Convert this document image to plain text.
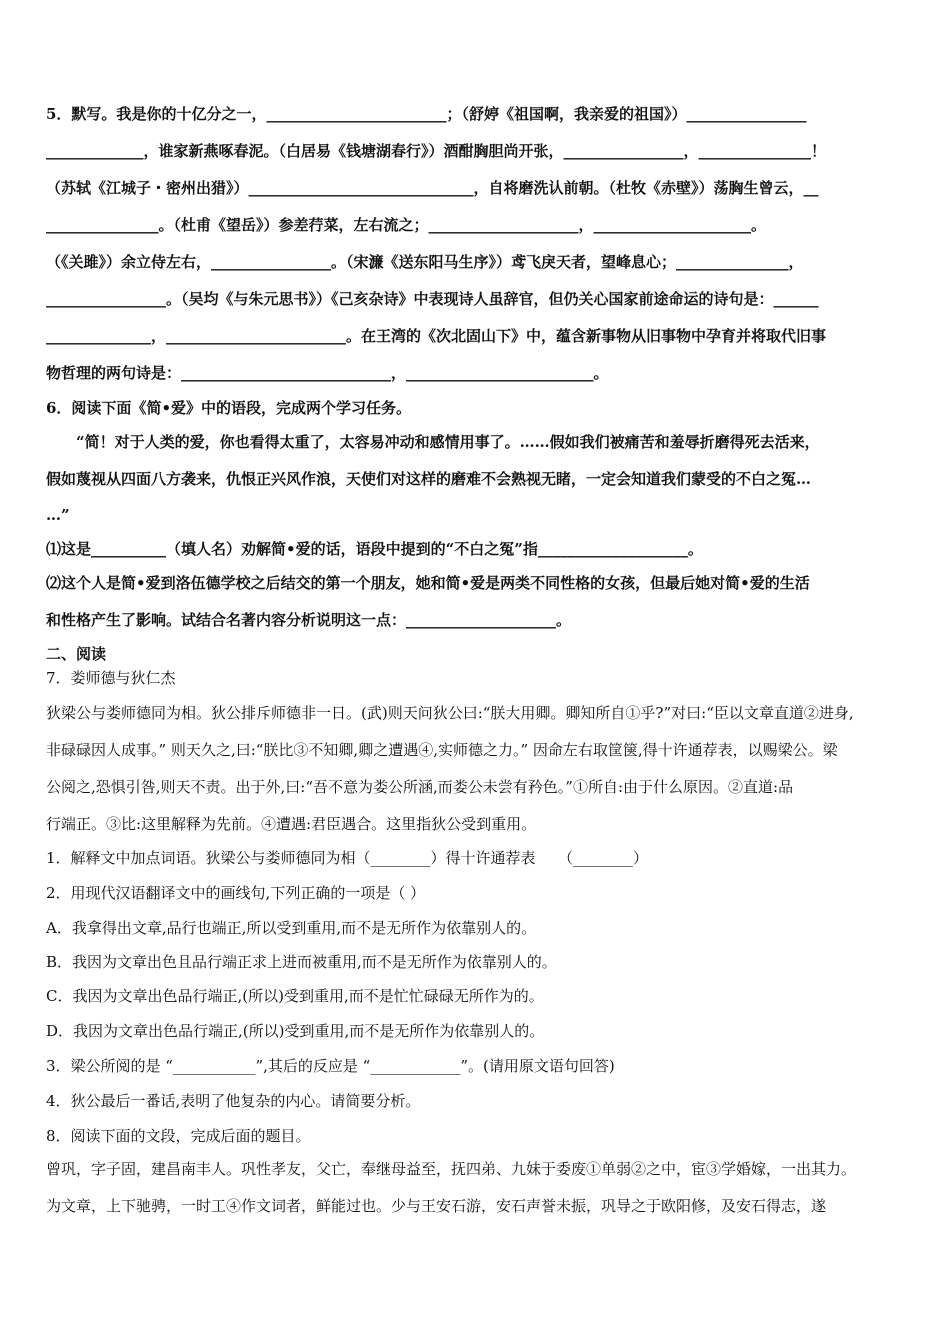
5．默写。我是你的十亿分之一，________________________；（舒婷《祖国啊，我亲爱的祖国》）________________
_____________，谁家新燕啄春泥。（白居易《钱塘湖春行》）酒酣胸胆尚开张，________________，_______________！
（苏轼《江城子・密州出猎》）______________________________，自将磨洗认前朝。（杜牧《赤壁》）荡胸生曾云，__
_______________。（杜甫《望岳》）参差荇菜，左右流之；____________________，_____________________。
（《关雎》）余立侍左右，________________。（宋濂《送东阳马生序》）鸢飞戾天者，望峰息心；_______________，
________________。（吴均《与朱元思书》）《己亥杂诗》中表现诗人虽辞官，但仍关心国家前途命运的诗句是：______
______________，________________________。在王湾的《次北固山下》中，蕴含新事物从旧事物中孕育并将取代旧事
物哲理的两句诗是：____________________________，_________________________。
6．阅读下面《简•爱》中的语段，完成两个学习任务。
“简！对于人类的爱，你也看得太重了，太容易冲动和感情用事了。……假如我们被痛苦和羞辱折磨得死去活来，
假如蔑视从四面八方袭来，仇恨正兴风作浪，天使们对这样的磨难不会熟视无睹，一定会知道我们蒙受的不白之冤…
…”
⑴这是__________（填人名）劝解简•爱的话，语段中提到的“不白之冤”指____________________。
⑵这个人是简•爱到洛伍德学校之后结交的第一个朋友，她和简•爱是两类不同性格的女孩，但最后她对简•爱的生活
和性格产生了影响。试结合名著内容分析说明这一点：____________________。
二、阅读
7．娄师德与狄仁杰
狄梁公与娄师德同为相。狄公排斥师德非一日。(武)则天问狄公曰:“朕大用卿。卿知所自①乎?”对曰:“臣以文章直道②进身,
非碌碌因人成事。” 则天久之,曰:“朕比③不知卿,卿之遭遇④,实师德之力。” 因命左右取筐箧,得十许通荐表，以赐梁公。梁
公阅之,恐惧引咎,则天不责。出于外,曰:“吾不意为娄公所涵,而娄公未尝有矜色。”①所自:由于什么原因。②直道:品
行端正。③比:这里解释为先前。④遭遇:君臣遇合。这里指狄公受到重用。
1．解释文中加点词语。狄梁公与娄师德同为相（________）得十许通荐表　　（________）
2．用现代汉语翻译文中的画线句,下列正确的一项是（ ）
A．我拿得出文章,品行也端正,所以受到重用,而不是无所作为依靠别人的。
B．我因为文章出色且品行端正求上进而被重用,而不是无所作为依靠别人的。
C．我因为文章出色品行端正,(所以)受到重用,而不是忙忙碌碌无所作为的。
D．我因为文章出色品行端正,(所以)受到重用,而不是无所作为依靠别人的。
3．梁公所阅的是 “___________”,其后的反应是 “____________”。(请用原文语句回答)
4．狄公最后一番话,表明了他复杂的内心。请简要分析。
8．阅读下面的文段，完成后面的题目。
曾巩，字子固，建昌南丰人。巩性孝友，父亡，奉继母益至，抚四弟、九妹于委废①单弱②之中，宦③学婚嫁，一出其力。
为文章，上下驰骋，一时工④作文词者，鲜能过也。少与王安石游，安石声誉未振，巩导之于欧阳修，及安石得志，遂
